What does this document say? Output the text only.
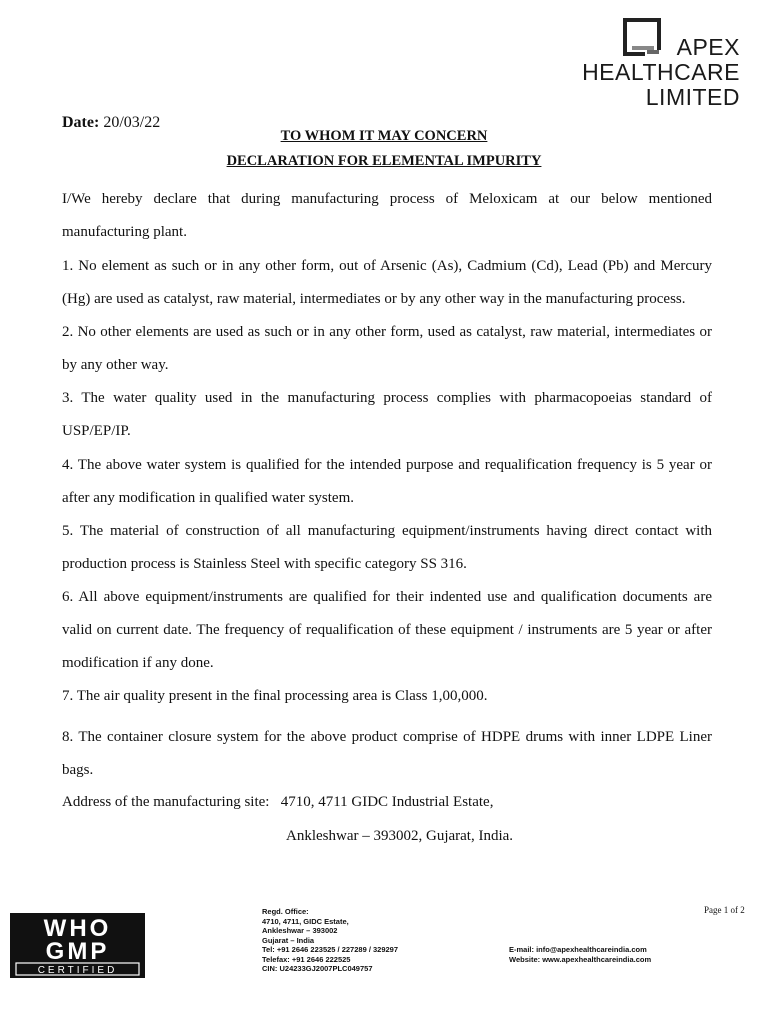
APEX
HEALTHCARE
LIMITED
Date: 20/03/22
TO WHOM IT MAY CONCERN
DECLARATION FOR ELEMENTAL IMPURITY
I/We hereby declare that during manufacturing process of Meloxicam at our below mentioned manufacturing plant.
1. No element as such or in any other form, out of Arsenic (As), Cadmium (Cd), Lead (Pb) and Mercury (Hg) are used as catalyst, raw material, intermediates or by any other way in the manufacturing process.
2. No other elements are used as such or in any other form, used as catalyst, raw material, intermediates or by any other way.
3. The water quality used in the manufacturing process complies with pharmacopoeias standard of USP/EP/IP.
4. The above water system is qualified for the intended purpose and requalification frequency is 5 year or after any modification in qualified water system.
5. The material of construction of all manufacturing equipment/instruments having direct contact with production process is Stainless Steel with specific category SS 316.
6. All above equipment/instruments are qualified for their indented use and qualification documents are valid on current date. The frequency of requalification of these equipment / instruments are 5 year or after modification if any done.
7. The air quality present in the final processing area is Class 1,00,000.
8. The container closure system for the above product comprise of HDPE drums with inner LDPE Liner bags.
Address of the manufacturing site: 4710, 4711 GIDC Industrial Estate,
Ankleshwar – 393002, Gujarat, India.
WHO
GMP
CERTIFIED
Regd. Office:
4710, 4711, GIDC Estate,
Ankleshwar – 393002
Gujarat – India
Tel: +91 2646 223525 / 227289 / 329297
Telefax: +91 2646 222525
CIN: U24233GJ2007PLC049757
E-mail: info@apexhealthcareindia.com
Website: www.apexhealthcareindia.com
Page 1 of 2
